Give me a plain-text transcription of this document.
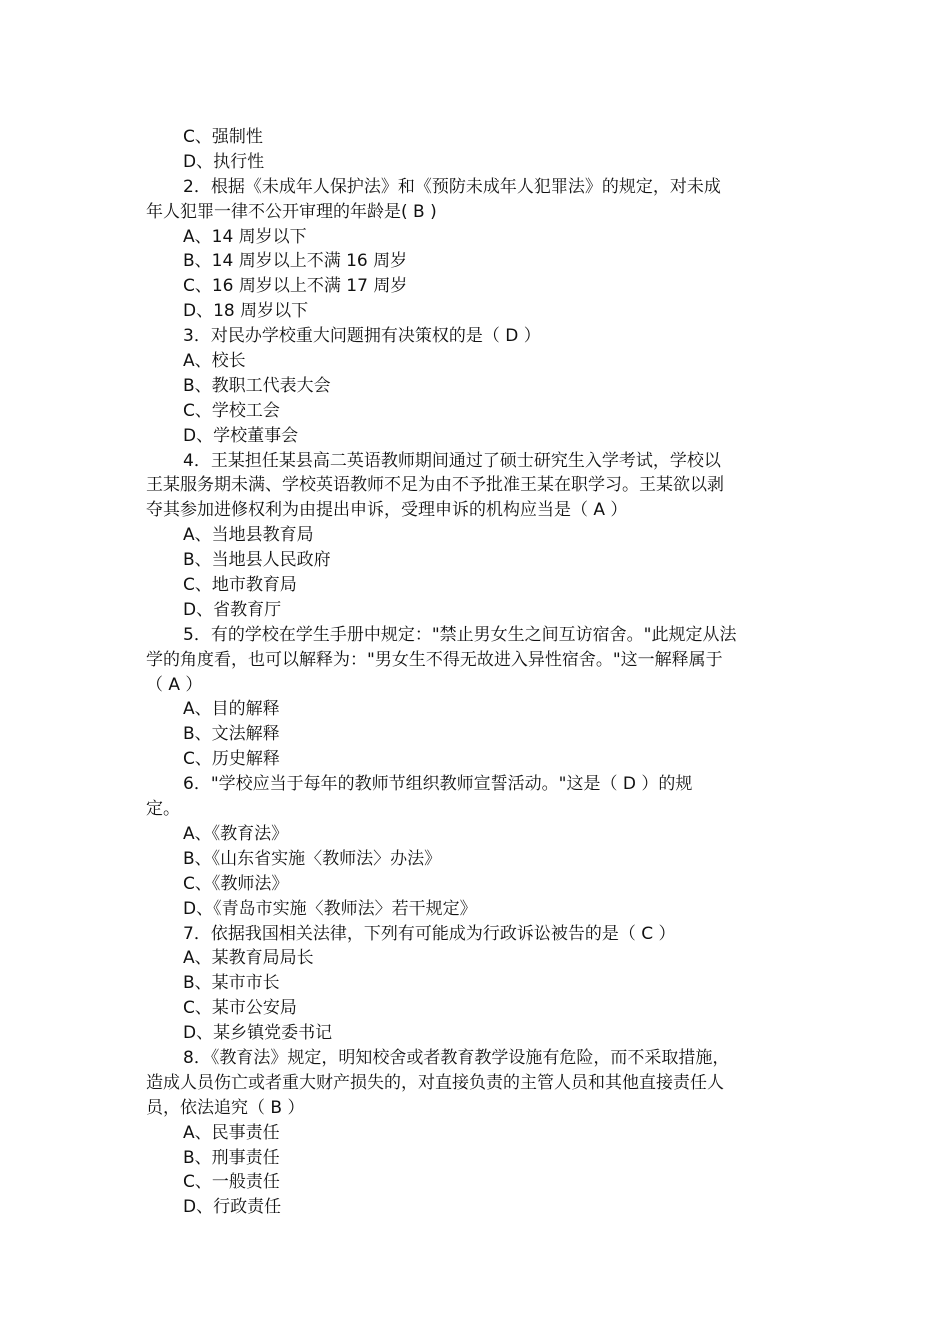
C、强制性
D、执行性
2．根据《未成年人保护法》和《预防未成年人犯罪法》的规定，对未成
年人犯罪一律不公开审理的年龄是( B )
A、14 周岁以下
B、14 周岁以上不满 16 周岁
C、16 周岁以上不满 17 周岁
D、18 周岁以下
3．对民办学校重大问题拥有决策权的是（ D ）
A、校长
B、教职工代表大会
C、学校工会
D、学校董事会
4．王某担任某县高二英语教师期间通过了硕士研究生入学考试，学校以
王某服务期未满、学校英语教师不足为由不予批准王某在职学习。王某欲以剥
夺其参加进修权利为由提出申诉，受理申诉的机构应当是（ A ）
A、当地县教育局
B、当地县人民政府
C、地市教育局
D、省教育厅
5．有的学校在学生手册中规定："禁止男女生之间互访宿舍。"此规定从法
学的角度看，也可以解释为："男女生不得无故进入异性宿舍。"这一解释属于
（ A ）
A、目的解释
B、文法解释
C、历史解释
6．"学校应当于每年的教师节组织教师宣誓活动。"这是（ D ）的规
定。
A、《教育法》
B、《山东省实施〈教师法〉办法》
C、《教师法》
D、《青岛市实施〈教师法〉若干规定》
7．依据我国相关法律，下列有可能成为行政诉讼被告的是（ C ）
A、某教育局局长
B、某市市长
C、某市公安局
D、某乡镇党委书记
8．《教育法》规定，明知校舍或者教育教学设施有危险，而不采取措施，
造成人员伤亡或者重大财产损失的，对直接负责的主管人员和其他直接责任人
员，依法追究（ B ）
A、民事责任
B、刑事责任
C、一般责任
D、行政责任
